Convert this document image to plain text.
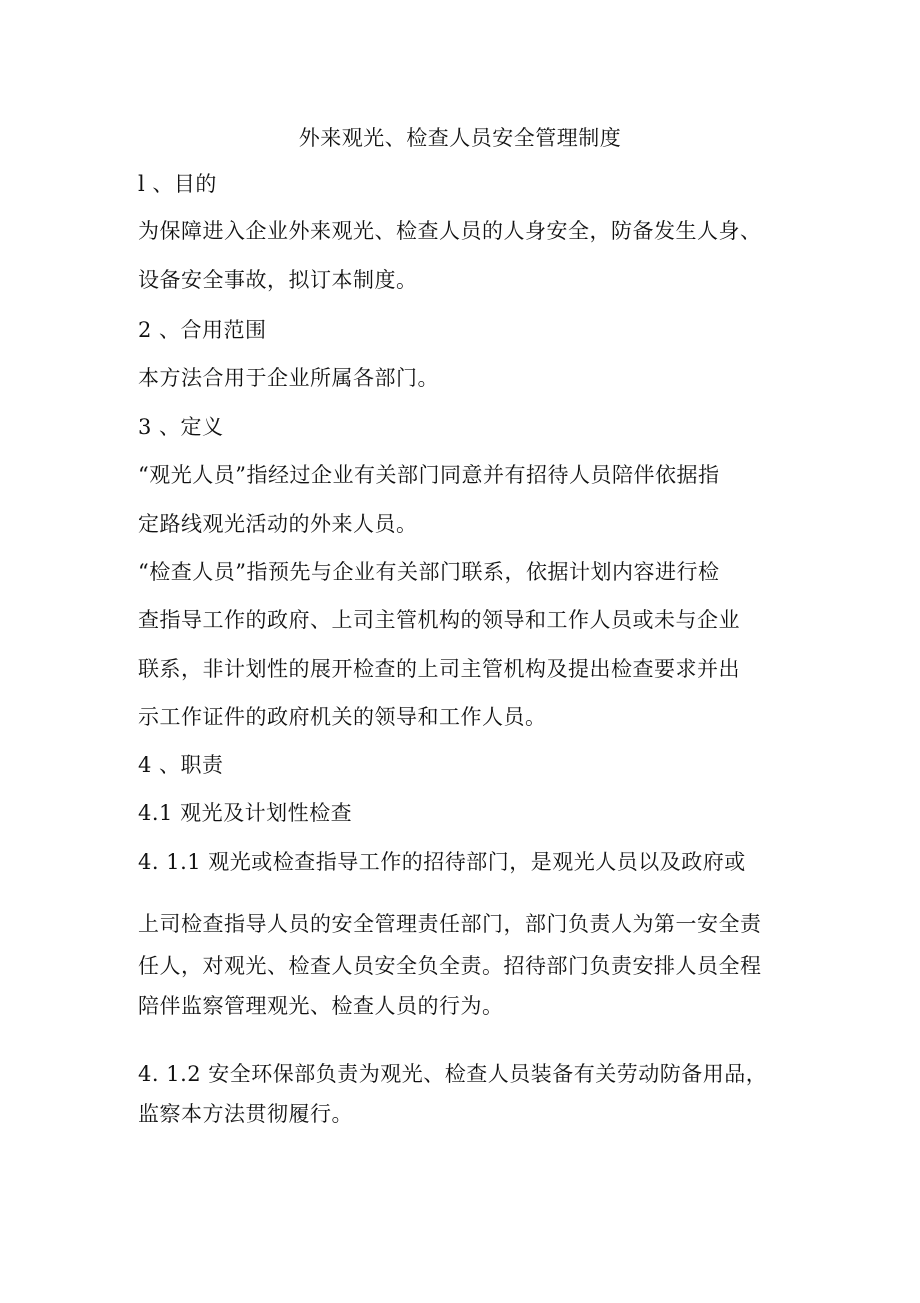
外来观光、检查人员安全管理制度
l 、目的
为保障进入企业外来观光、检查人员的人身安全，防备发生人身、
设备安全事故，拟订本制度。
2 、合用范围
本方法合用于企业所属各部门。
3 、定义
“观光人员”指经过企业有关部门同意并有招待人员陪伴依据指
定路线观光活动的外来人员。
“检查人员”指预先与企业有关部门联系，依据计划内容进行检
查指导工作的政府、上司主管机构的领导和工作人员或未与企业
联系，非计划性的展开检查的上司主管机构及提出检查要求并出
示工作证件的政府机关的领导和工作人员。
4 、职责
4.1 观光及计划性检查
4. 1.1 观光或检查指导工作的招待部门，是观光人员以及政府或
上司检查指导人员的安全管理责任部门，部门负责人为第一安全责
任人，对观光、检查人员安全负全责。招待部门负责安排人员全程
陪伴监察管理观光、检查人员的行为。
4. 1.2 安全环保部负责为观光、检查人员装备有关劳动防备用品，
监察本方法贯彻履行。
